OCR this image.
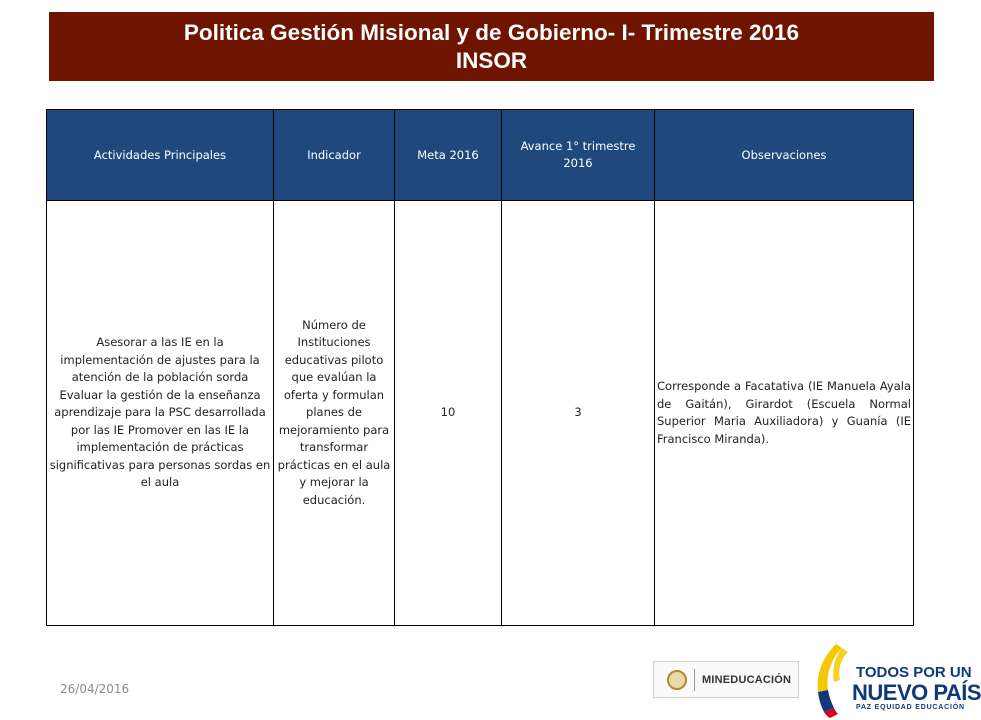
Politica Gestión Misional y de Gobierno- I- Trimestre 2016
INSOR
Actividades Principales	Indicador	Meta 2016	Avance 1° trimestre 2016	Observaciones
Asesorar a las IE en la implementación de ajustes para la atención de la población sorda Evaluar la gestión de la enseñanza aprendizaje para la PSC desarrollada por las IE Promover en las IE la implementación de prácticas significativas para personas sordas en el aula	Número de Instituciones educativas piloto que evalúan la oferta y formulan planes de mejoramiento para transformar prácticas en el aula y mejorar la educación.	10	3	Corresponde a Facatativa (IE Manuela Ayala de Gaitán), Girardot (Escuela Normal Superior Maria Auxiliadora) y Guanía (IE Francisco Miranda).
26/04/2016
MINEDUCACIÓN	TODOS POR UN
NUEVO PAÍS
PAZ EQUIDAD EDUCACIÓN
